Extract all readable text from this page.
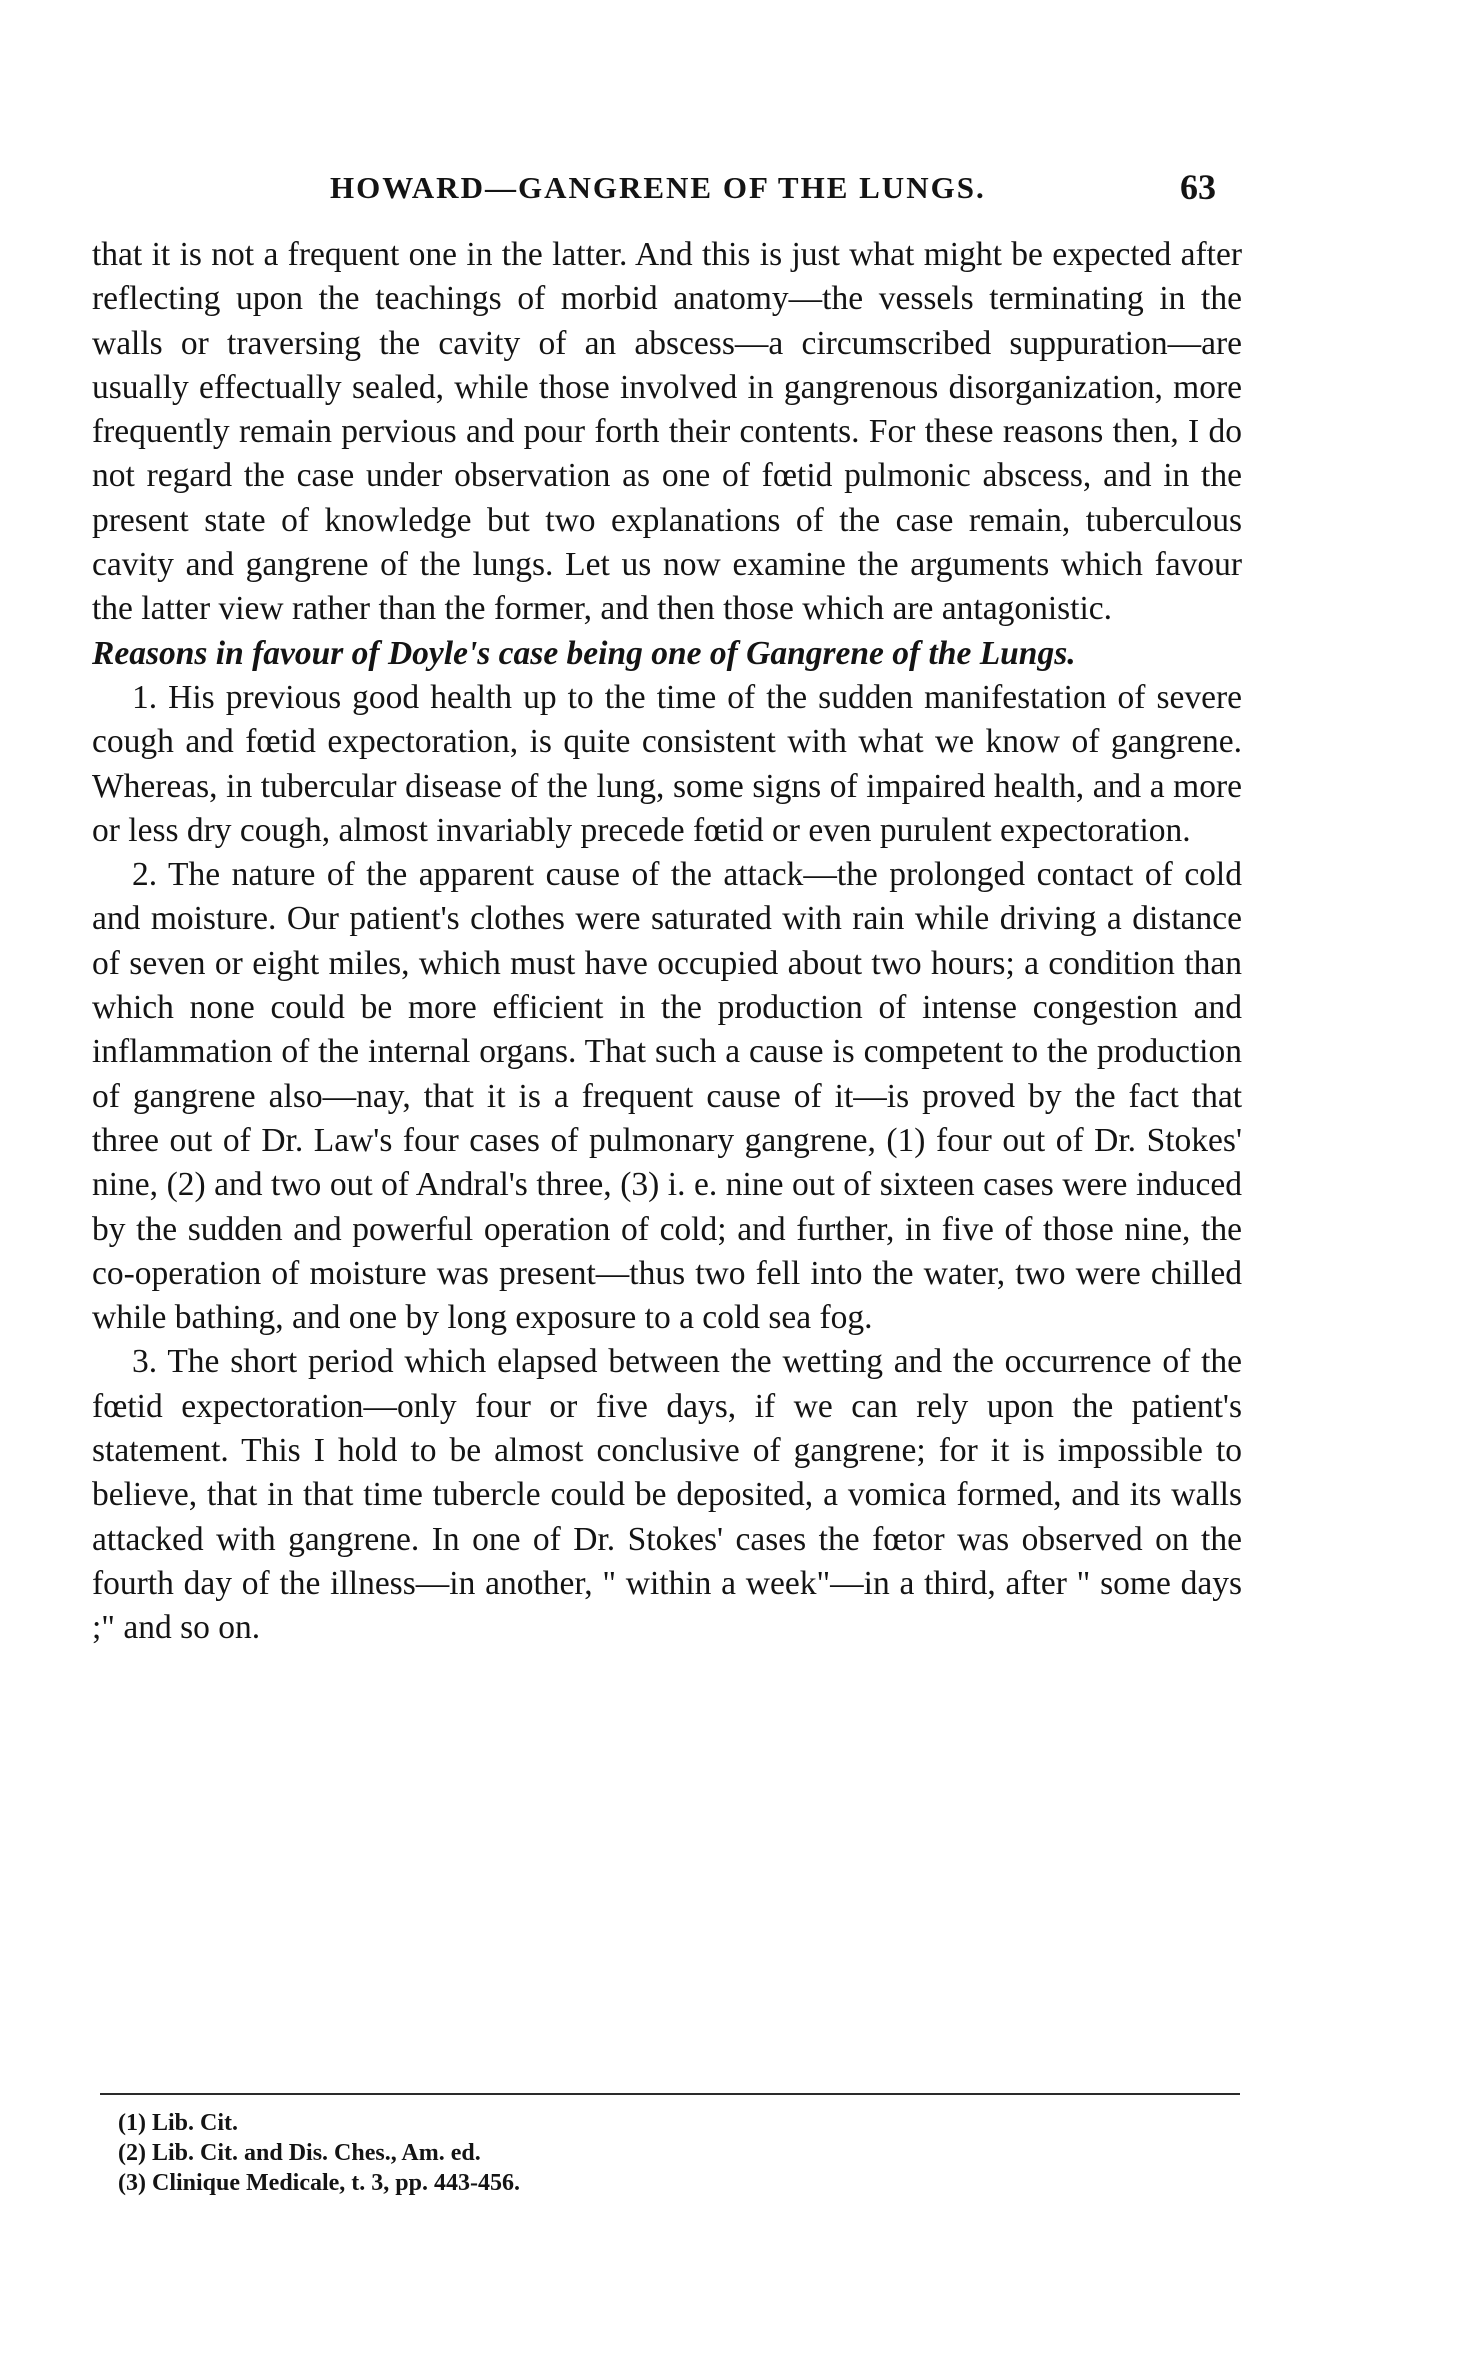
HOWARD—GANGRENE OF THE LUNGS.	63

that it is not a frequent one in the latter. And this is just what might be expected after reflecting upon the teachings of morbid anatomy—the vessels terminating in the walls or traversing the cavity of an abscess—a circumscribed suppuration—are usually effectually sealed, while those involved in gangrenous disorganization, more frequently remain pervious and pour forth their contents. For these reasons then, I do not regard the case under observation as one of fœtid pulmonic abscess, and in the present state of knowledge but two explanations of the case remain, tuberculous cavity and gangrene of the lungs. Let us now examine the arguments which favour the latter view rather than the former, and then those which are antagonistic.

Reasons in favour of Doyle's case being one of Gangrene of the Lungs.

1. His previous good health up to the time of the sudden manifestation of severe cough and fœtid expectoration, is quite consistent with what we know of gangrene. Whereas, in tubercular disease of the lung, some signs of impaired health, and a more or less dry cough, almost invariably precede fœtid or even purulent expectoration.

2. The nature of the apparent cause of the attack—the prolonged contact of cold and moisture. Our patient's clothes were saturated with rain while driving a distance of seven or eight miles, which must have occupied about two hours; a condition than which none could be more efficient in the production of intense congestion and inflammation of the internal organs. That such a cause is competent to the production of gangrene also—nay, that it is a frequent cause of it—is proved by the fact that three out of Dr. Law's four cases of pulmonary gangrene, (1) four out of Dr. Stokes' nine, (2) and two out of Andral's three, (3) i. e. nine out of sixteen cases were induced by the sudden and powerful operation of cold; and further, in five of those nine, the co-operation of moisture was present—thus two fell into the water, two were chilled while bathing, and one by long exposure to a cold sea fog.

3. The short period which elapsed between the wetting and the occurrence of the fœtid expectoration—only four or five days, if we can rely upon the patient's statement. This I hold to be almost conclusive of gangrene; for it is impossible to believe, that in that time tubercle could be deposited, a vomica formed, and its walls attacked with gangrene. In one of Dr. Stokes' cases the fœtor was observed on the fourth day of the illness—in another, " within a week"—in a third, after " some days ;" and so on.

(1) Lib. Cit.
(2) Lib. Cit. and Dis. Ches., Am. ed.
(3) Clinique Medicale, t. 3, pp. 443-456.
